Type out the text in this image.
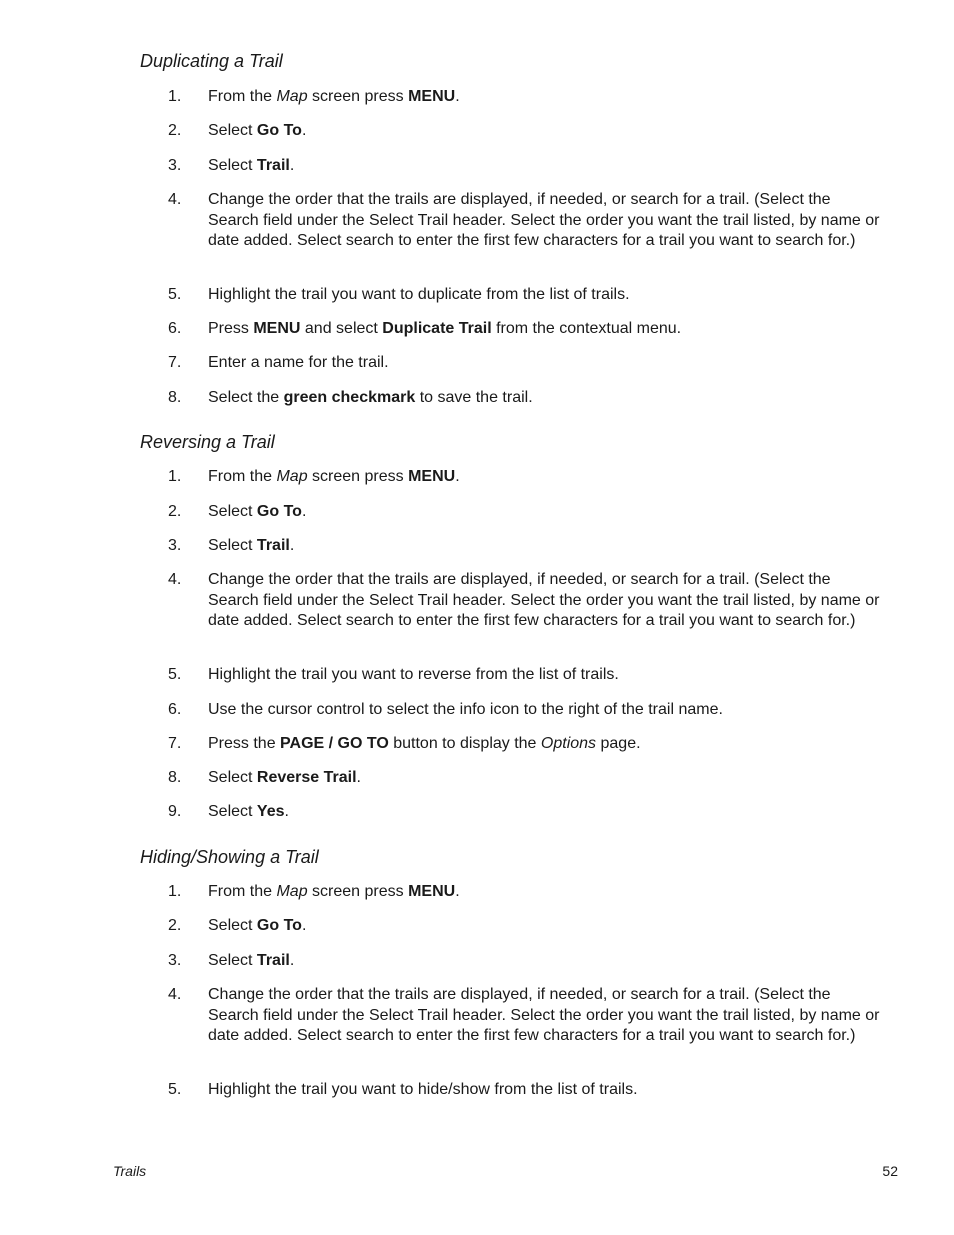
Duplicating a Trail
1.	From the Map screen press MENU.
2.	Select Go To.
3.	Select Trail.
4.	Change the order that the trails are displayed, if needed, or search for a trail. (Select the Search field under the Select Trail header. Select the order you want the trail listed, by name or date added. Select search to enter the first few characters for a trail you want to search for.)
5.	Highlight the trail you want to duplicate from the list of trails.
6.	Press MENU and select Duplicate Trail from the contextual menu.
7.	Enter a name for the trail.
8.	Select the green checkmark to save the trail.
Reversing a Trail
1.	From the Map screen press MENU.
2.	Select Go To.
3.	Select Trail.
4.	Change the order that the trails are displayed, if needed, or search for a trail. (Select the Search field under the Select Trail header. Select the order you want the trail listed, by name or date added. Select search to enter the first few characters for a trail you want to search for.)
5.	Highlight the trail you want to reverse from the list of trails.
6.	Use the cursor control to select the info icon to the right of the trail name.
7.	Press the PAGE / GO TO button to display the Options page.
8.	Select Reverse Trail.
9.	Select Yes.
Hiding/Showing a Trail
1.	From the Map screen press MENU.
2.	Select Go To.
3.	Select Trail.
4.	Change the order that the trails are displayed, if needed, or search for a trail. (Select the Search field under the Select Trail header. Select the order you want the trail listed, by name or date added. Select search to enter the first few characters for a trail you want to search for.)
5.	Highlight the trail you want to hide/show from the list of trails.
Trails	52
